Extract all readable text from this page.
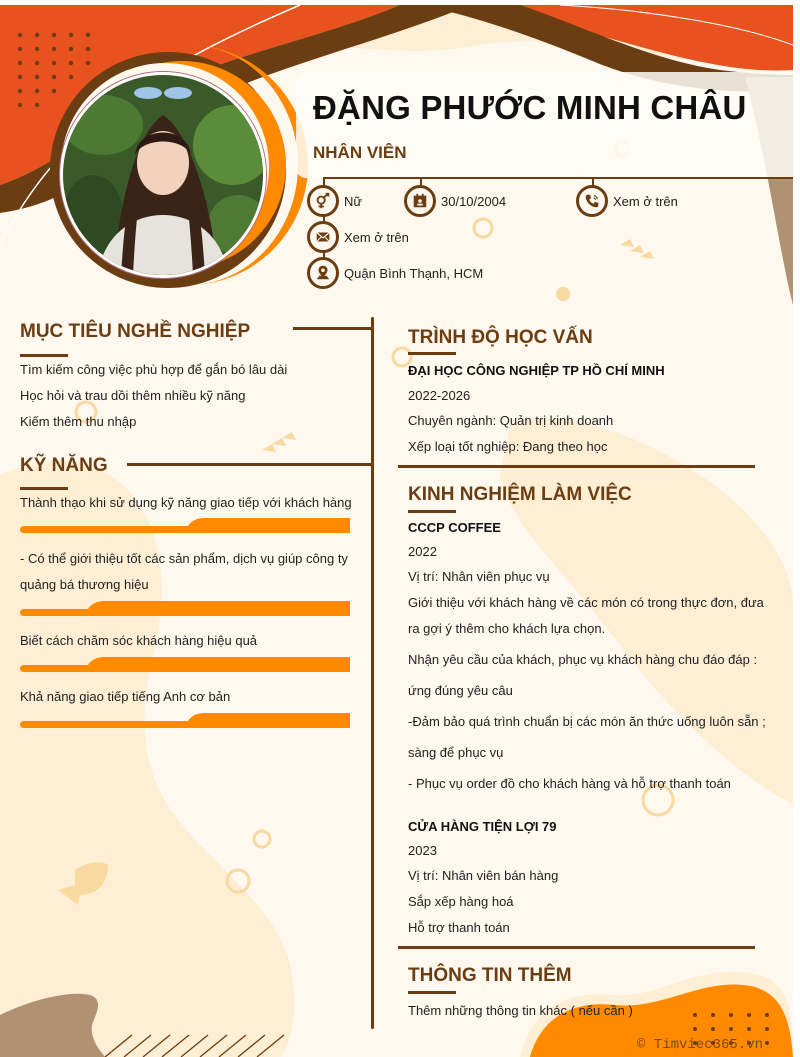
ĐẶNG PHƯỚC MINH CHÂU
NHÂN VIÊN
Nữ	30/10/2004	Xem ở trên
Xem ở trên
Quận Bình Thạnh, HCM
MỤC TIÊU NGHỀ NGHIỆP
Tìm kiếm công việc phù hợp để gắn bó lâu dài
Học hỏi và trau dồi thêm nhiều kỹ năng
Kiếm thêm thu nhập
KỸ NĂNG
Thành thạo khi sử dụng kỹ năng giao tiếp với khách hàng
- Có thể giới thiệu tốt các sản phẩm, dịch vụ giúp công ty
quảng bá thương hiệu
Biết cách chăm sóc khách hàng hiệu quả
Khả năng giao tiếp tiếng Anh cơ bản
TRÌNH ĐỘ HỌC VẤN
ĐẠI HỌC CÔNG NGHIỆP TP HỒ CHÍ MINH
2022-2026
Chuyên ngành: Quản trị kinh doanh
Xếp loại tốt nghiệp: Đang theo học
KINH NGHIỆM LÀM VIỆC
CCCP COFFEE
2022
Vị trí: Nhân viên phục vụ
Giới thiệu với khách hàng về các món có trong thực đơn, đưa
ra gợi ý thêm cho khách lựa chọn.
Nhận yêu cầu của khách, phục vụ khách hàng chu đáo đáp :
ứng đúng yêu câu
-Đảm bảo quá trình chuẩn bị các món ăn thức uống luôn sẵn ;
sàng để phục vụ
- Phục vụ order đồ cho khách hàng và hỗ trợ thanh toán
CỬA HÀNG TIỆN LỢI 79
2023
Vị trí: Nhân viên bán hàng
Sắp xếp hàng hoá
Hỗ trợ thanh toán
THÔNG TIN THÊM
Thêm những thông tin khác ( nếu cần )
© Timviec365.vn
